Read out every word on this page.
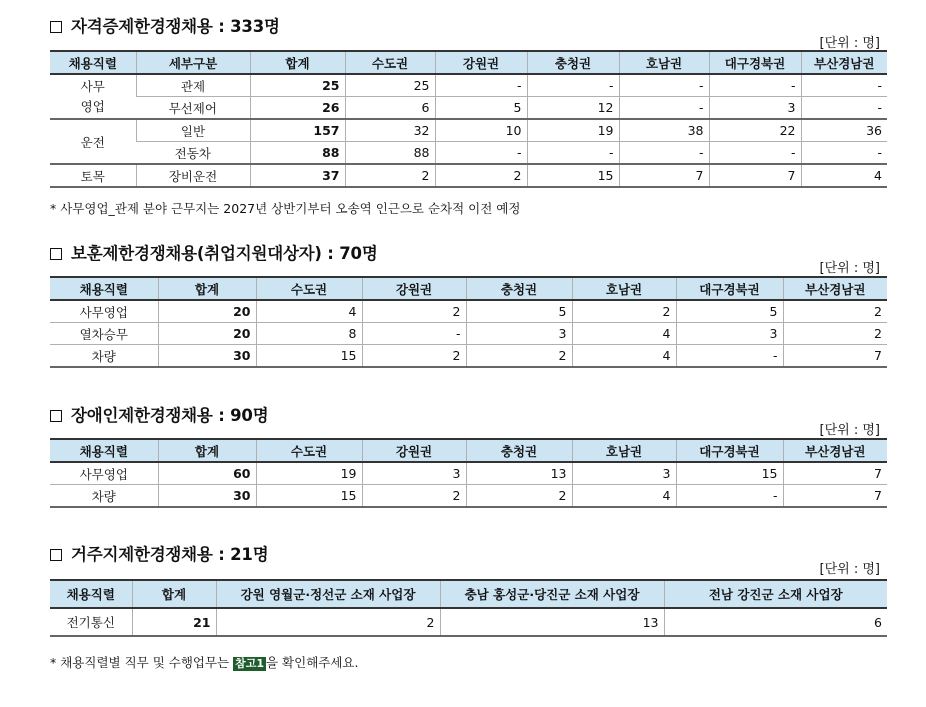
자격증제한경쟁채용 : 333명
[단위 : 명]
채용직렬	세부구분	합계	수도권	강원권	충청권	호남권	대구경북권	부산경남권
사무
영업	관제	25	25	-	-	-	-	-
	무선제어	26	6	5	12	-	3	-
운전	일반	157	32	10	19	38	22	36
	전동차	88	88	-	-	-	-	-
토목	장비운전	37	2	2	15	7	7	4
* 사무영업_관제 분야 근무지는 2027년 상반기부터 오송역 인근으로 순차적 이전 예정
보훈제한경쟁채용(취업지원대상자) : 70명
[단위 : 명]
채용직렬	합계	수도권	강원권	충청권	호남권	대구경북권	부산경남권
사무영업	20	4	2	5	2	5	2
열차승무	20	8	-	3	4	3	2
차량	30	15	2	2	4	-	7
장애인제한경쟁채용 : 90명
[단위 : 명]
채용직렬	합계	수도권	강원권	충청권	호남권	대구경북권	부산경남권
사무영업	60	19	3	13	3	15	7
차량	30	15	2	2	4	-	7
거주지제한경쟁채용 : 21명
[단위 : 명]
채용직렬	합계	강원 영월군·정선군 소재 사업장	충남 홍성군·당진군 소재 사업장	전남 강진군 소재 사업장
전기통신	21	2	13	6
* 채용직렬별 직무 및 수행업무는 참고1 을 확인해주세요.
